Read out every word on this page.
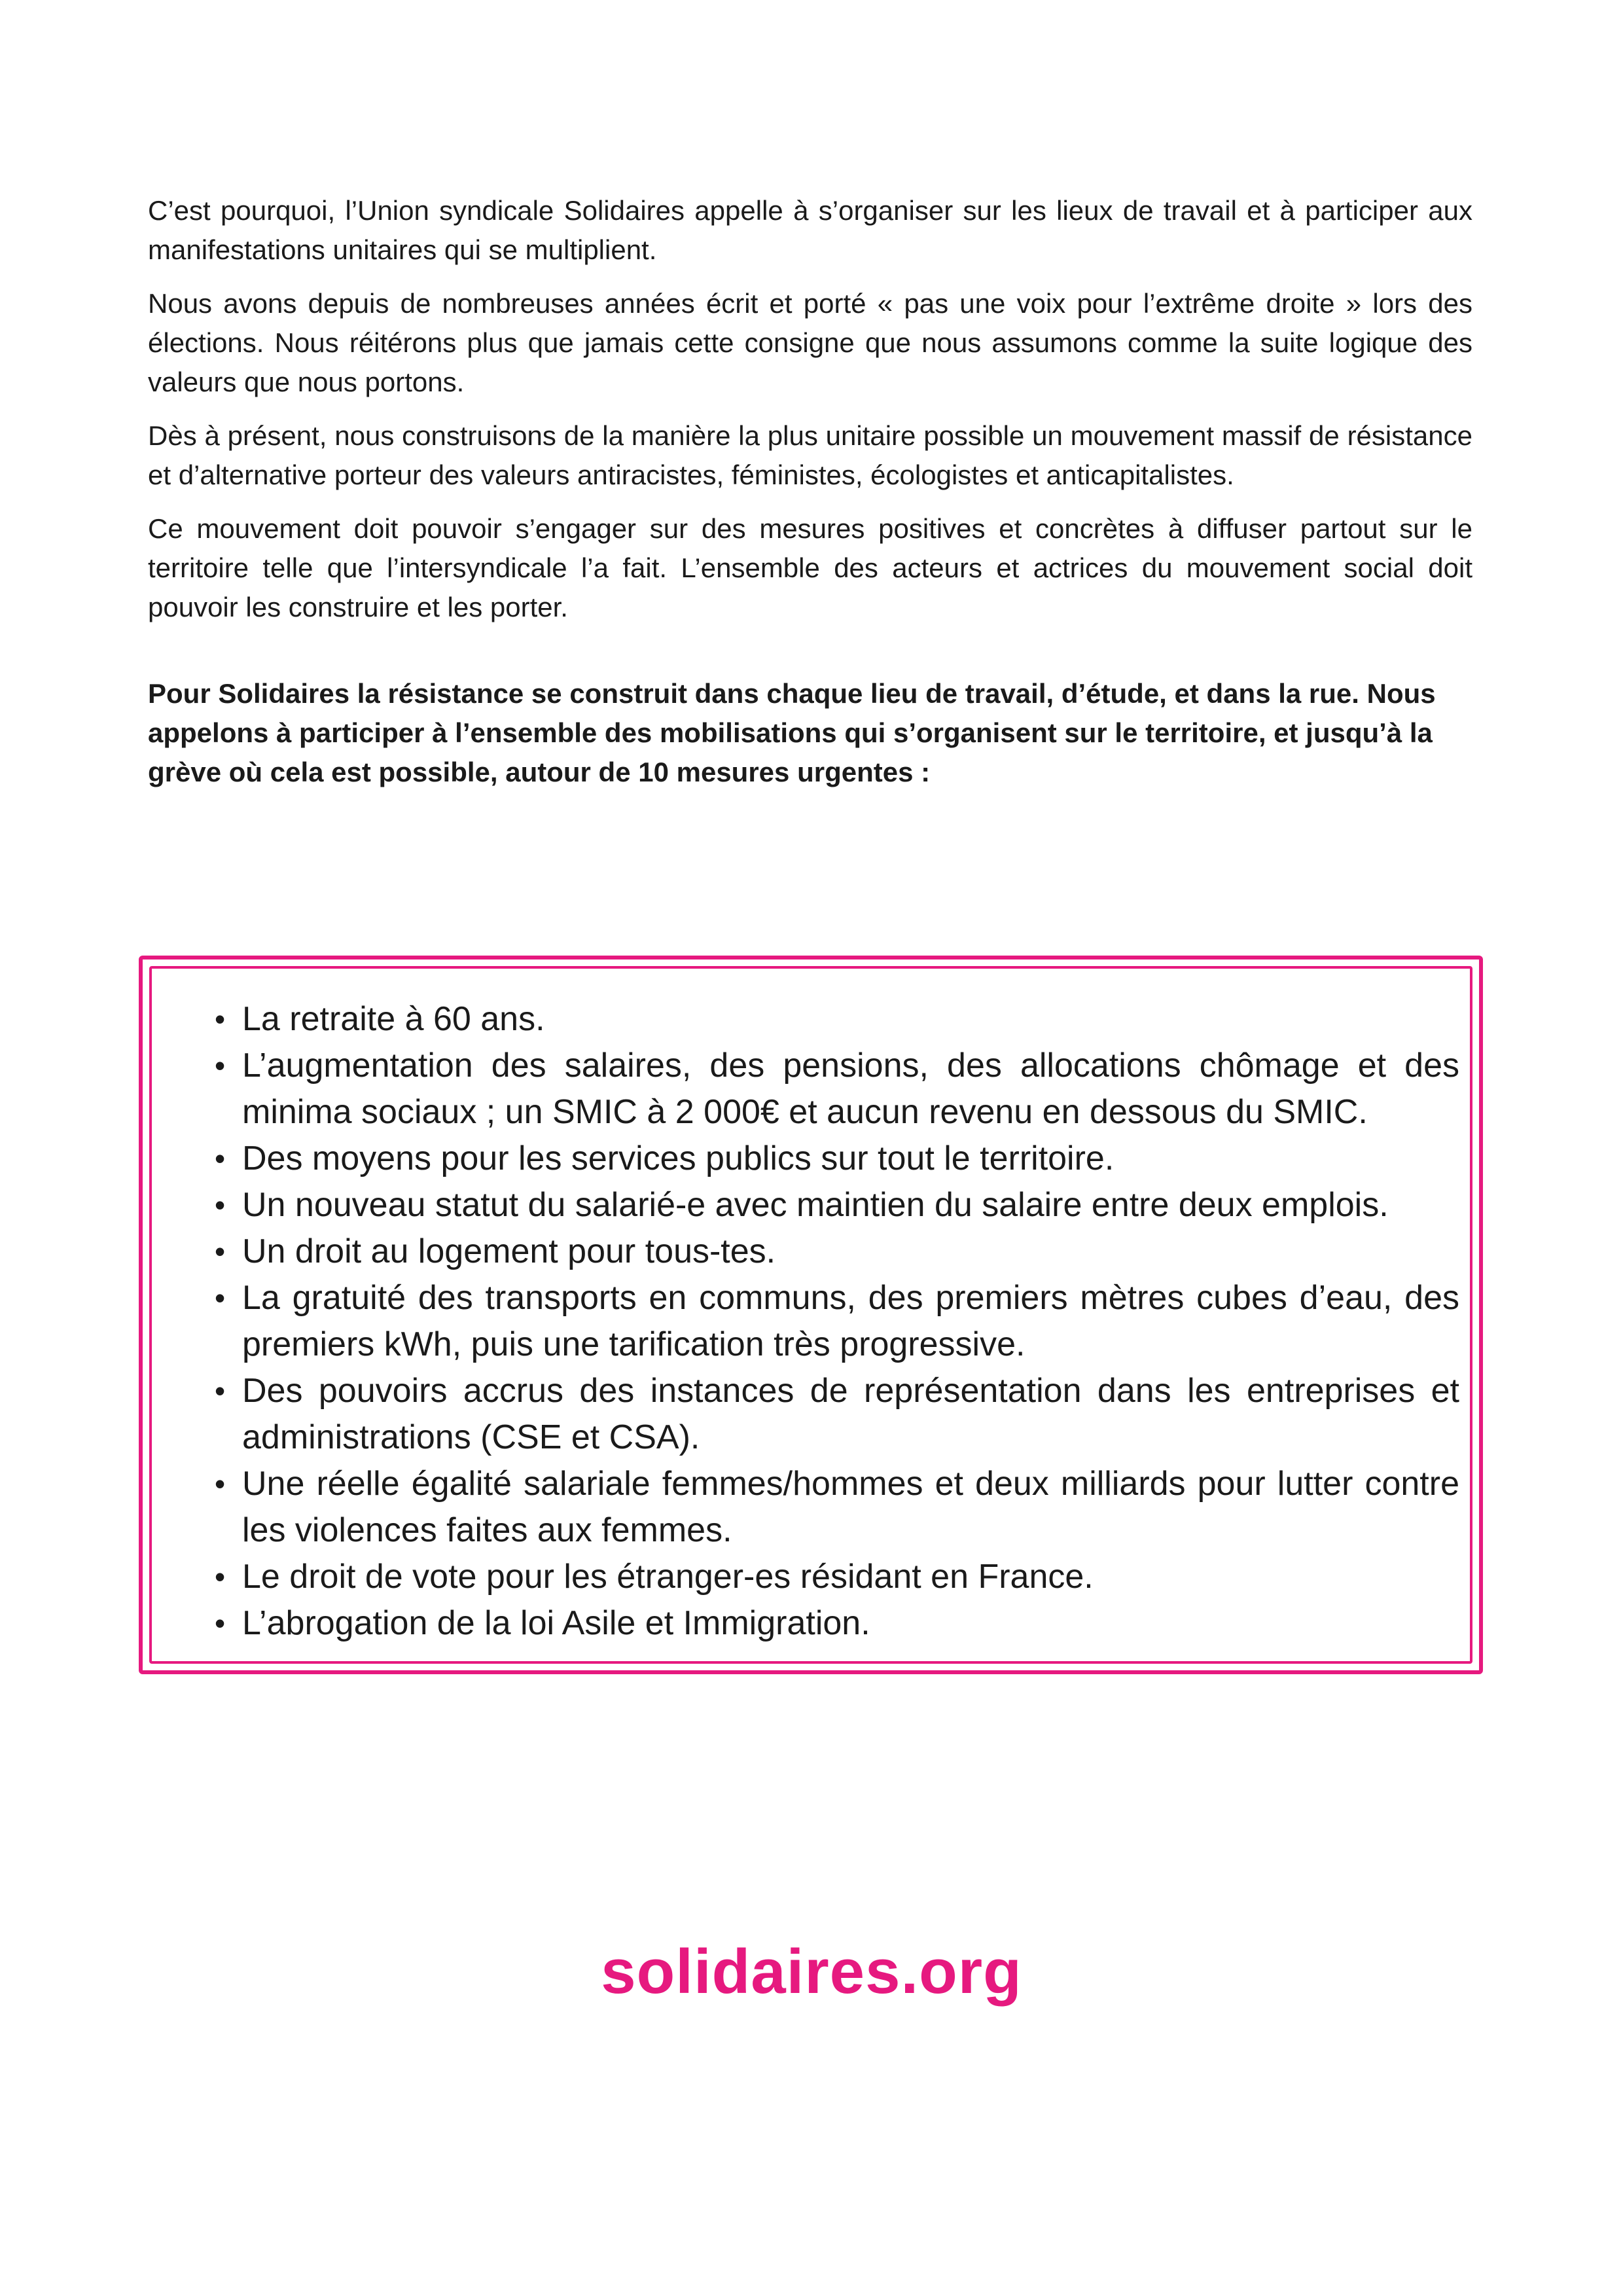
C’est pourquoi, l’Union syndicale Solidaires appelle à s’organiser sur les lieux de travail et à participer aux manifestations unitaires qui se multiplient.

Nous avons depuis de nombreuses années écrit et porté « pas une voix pour l’extrême droite » lors des élections. Nous réitérons plus que jamais cette consigne que nous assumons comme la suite logique des valeurs que nous portons.

Dès à présent, nous construisons de la manière la plus unitaire possible un mouvement massif de résistance et d’alternative porteur des valeurs antiracistes, féministes, écologistes et anticapitalistes.

Ce mouvement doit pouvoir s’engager sur des mesures positives et concrètes à diffuser partout sur le territoire telle que l’intersyndicale l’a fait. L’ensemble des acteurs et actrices du mouvement social doit pouvoir les construire et les porter.

Pour Solidaires la résistance se construit dans chaque lieu de travail, d’étude, et dans la rue. Nous appelons à participer à l’ensemble des mobilisations qui s’organisent sur le territoire, et jusqu’à la grève où cela est possible, autour de 10 mesures urgentes :

• La retraite à 60 ans.
• L’augmentation des salaires, des pensions, des allocations chômage et des minima sociaux ; un SMIC à 2 000€ et aucun revenu en dessous du SMIC.
• Des moyens pour les services publics sur tout le territoire.
• Un nouveau statut du salarié-e avec maintien du salaire entre deux emplois.
• Un droit au logement pour tous-tes.
• La gratuité des transports en communs, des premiers mètres cubes d’eau, des premiers kWh, puis une tarification très progressive.
• Des pouvoirs accrus des instances de représentation dans les entreprises et administrations (CSE et CSA).
• Une réelle égalité salariale femmes/hommes et deux milliards pour lutter contre les violences faites aux femmes.
• Le droit de vote pour les étranger-es résidant en France.
• L’abrogation de la loi Asile et Immigration.
solidaires.org
